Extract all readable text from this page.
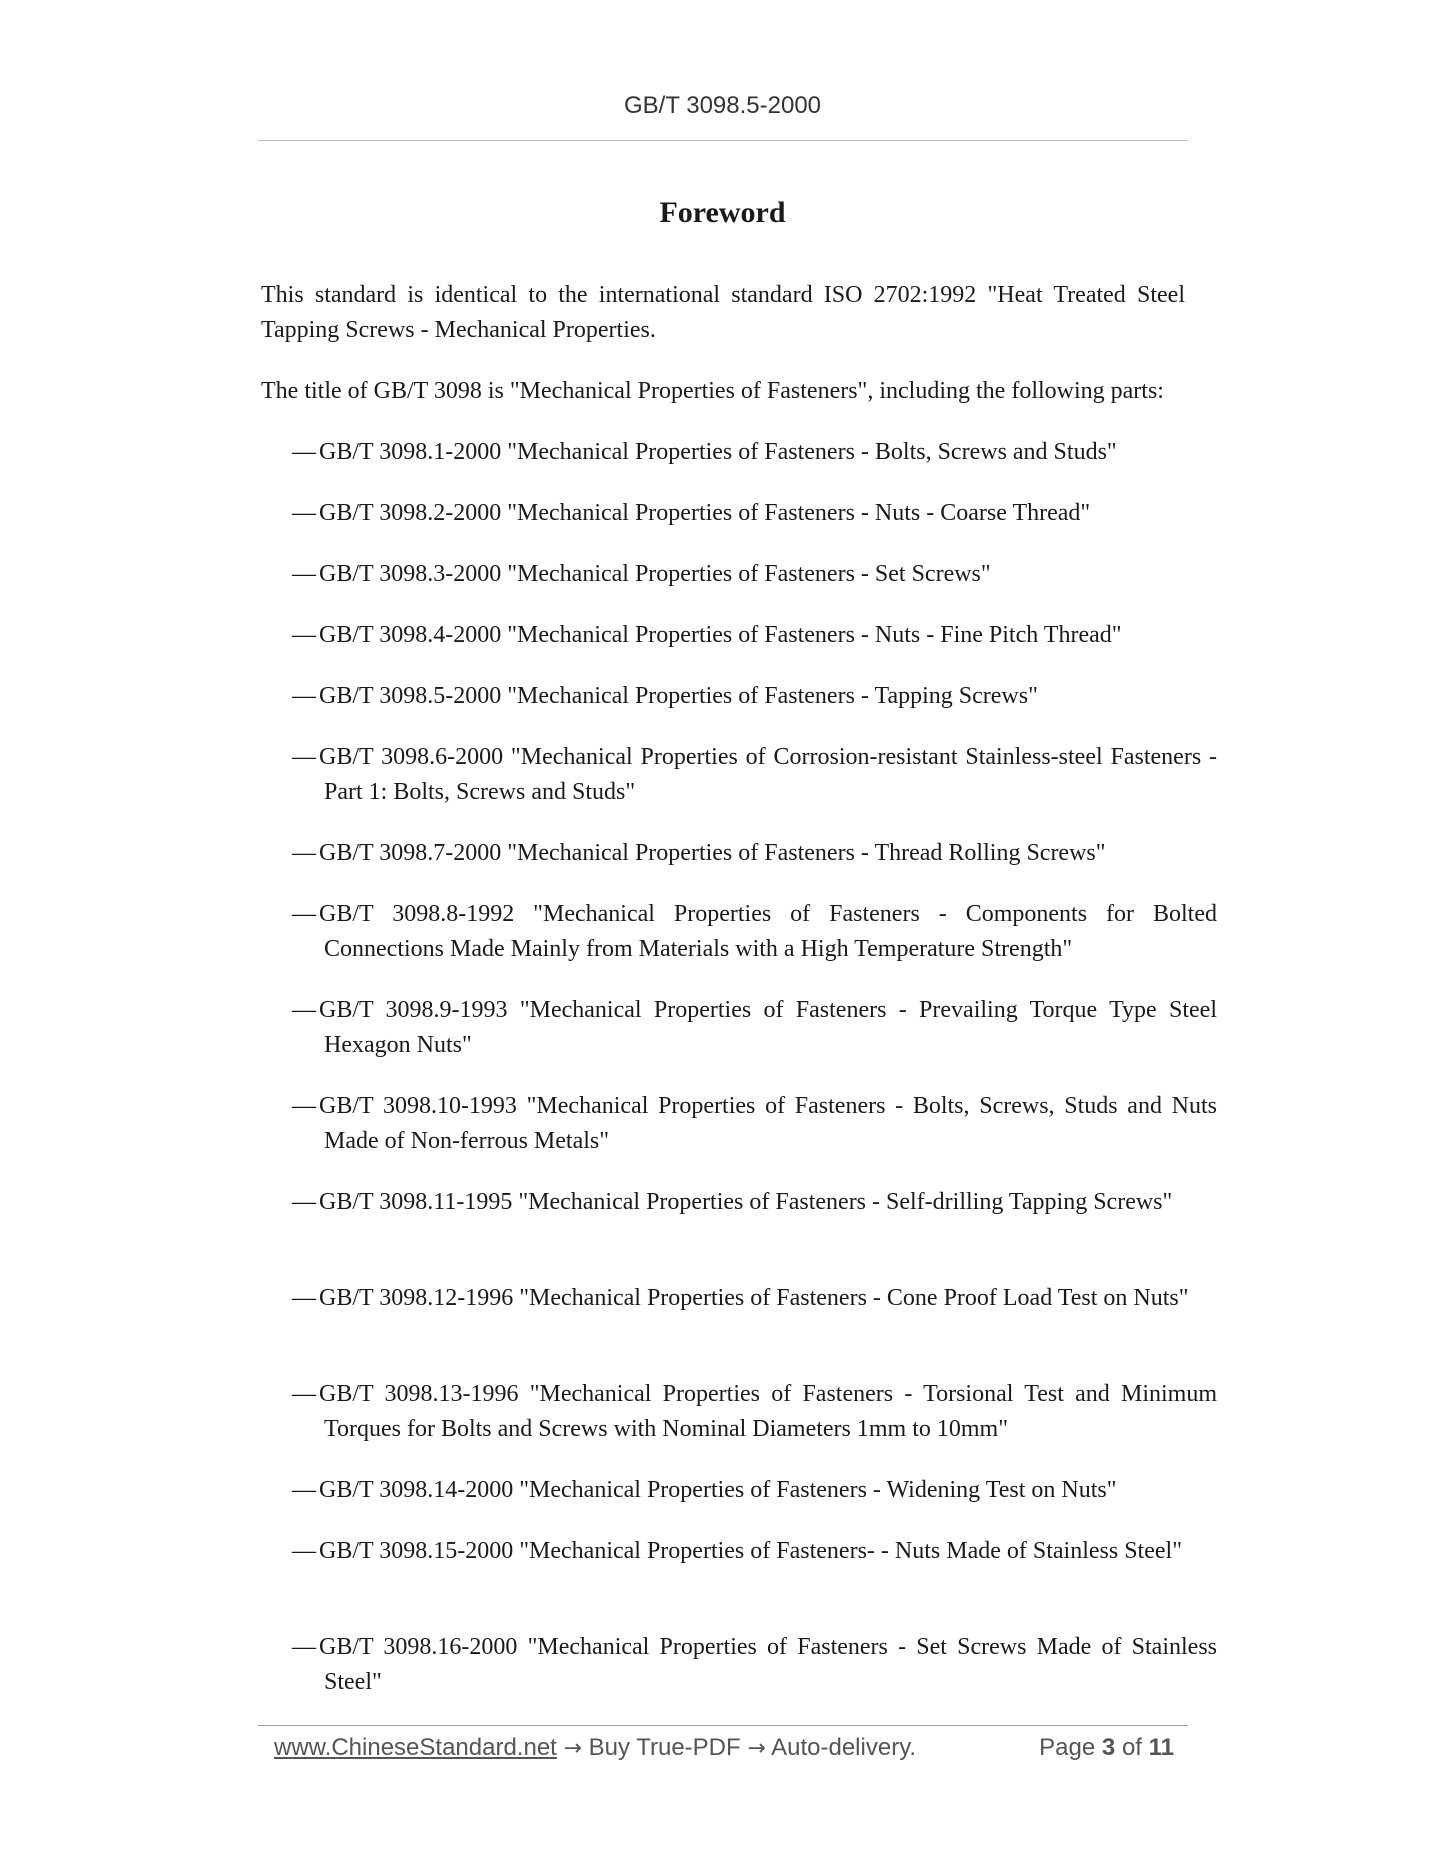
GB/T 3098.5-2000
Foreword

This standard is identical to the international standard ISO 2702:1992 "Heat Treated Steel Tapping Screws - Mechanical Properties.

The title of GB/T 3098 is "Mechanical Properties of Fasteners", including the following parts:

— GB/T 3098.1-2000 "Mechanical Properties of Fasteners - Bolts, Screws and Studs"

— GB/T 3098.2-2000 "Mechanical Properties of Fasteners - Nuts - Coarse Thread"

— GB/T 3098.3-2000 "Mechanical Properties of Fasteners - Set Screws"

— GB/T 3098.4-2000 "Mechanical Properties of Fasteners - Nuts - Fine Pitch Thread"

— GB/T 3098.5-2000 "Mechanical Properties of Fasteners - Tapping Screws"

— GB/T 3098.6-2000 "Mechanical Properties of Corrosion-resistant Stainless-steel Fasteners - Part 1: Bolts, Screws and Studs"

— GB/T 3098.7-2000 "Mechanical Properties of Fasteners - Thread Rolling Screws"

— GB/T 3098.8-1992 "Mechanical Properties of Fasteners - Components for Bolted Connections Made Mainly from Materials with a High Temperature Strength"

— GB/T 3098.9-1993 "Mechanical Properties of Fasteners - Prevailing Torque Type Steel Hexagon Nuts"

— GB/T 3098.10-1993 "Mechanical Properties of Fasteners - Bolts, Screws, Studs and Nuts Made of Non-ferrous Metals"

— GB/T 3098.11-1995 "Mechanical Properties of Fasteners - Self-drilling Tapping Screws"

— GB/T 3098.12-1996 "Mechanical Properties of Fasteners - Cone Proof Load Test on Nuts"

— GB/T 3098.13-1996 "Mechanical Properties of Fasteners - Torsional Test and Minimum Torques for Bolts and Screws with Nominal Diameters 1mm to 10mm"

— GB/T 3098.14-2000 "Mechanical Properties of Fasteners - Widening Test on Nuts"

— GB/T 3098.15-2000 "Mechanical Properties of Fasteners- - Nuts Made of Stainless Steel"

— GB/T 3098.16-2000 "Mechanical Properties of Fasteners - Set Screws Made of Stainless Steel"

www.ChineseStandard.net → Buy True-PDF → Auto-delivery.	Page 3 of 11
